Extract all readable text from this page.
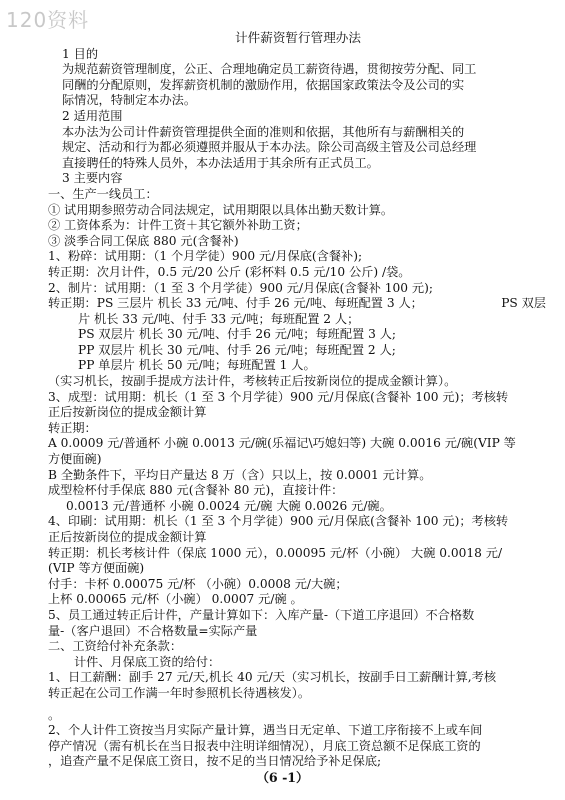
120资料
计件薪资暂行管理办法
1 目的
为规范薪资管理制度，公正、合理地确定员工薪资待遇，贯彻按劳分配、同工
同酬的分配原则，发挥薪资机制的激励作用，依据国家政策法令及公司的实
际情况，特制定本办法。
2 适用范围
本办法为公司计件薪资管理提供全面的准则和依据，其他所有与薪酬相关的
规定、活动和行为都必须遵照并服从于本办法。除公司高级主管及公司总经理
直接聘任的特殊人员外，本办法适用于其余所有正式员工。
3 主要内容
一、生产一线员工：
① 试用期参照劳动合同法规定，试用期限以具体出勤天数计算。
② 工资体系为：计件工资＋其它额外补助工资；
③ 淡季合同工保底 880 元(含餐补)
1、粉碎：试用期：（1 个月学徒）900 元/月保底(含餐补);
转正期：次月计件，0.5 元/20 公斤 (彩杯料 0.5 元/10 公斤) /袋。
2、制片：试用期：（1 至 3 个月学徒）900 元/月保底(含餐补 100 元);
转正期：PS 三层片 机长 33 元/吨、付手 26 元/吨、每班配置 3 人；	PS 双层
片 机长 33 元/吨、付手 33 元/吨；每班配置 2 人；
PS 双层片 机长 30 元/吨、付手 26 元/吨；每班配置 3 人;
PP 双层片 机长 30 元/吨、付手 26 元/吨；每班配置 2 人;
PP 单层片 机长 50 元/吨；每班配置 1 人。
（实习机长，按副手提成方法计件，考核转正后按新岗位的提成金额计算）。
3、成型：试用期：机长（1 至 3 个月学徒）900 元/月保底(含餐补 100 元)；考核转
正后按新岗位的提成金额计算
转正期：
A 0.0009 元/普通杯 小碗 0.0013 元/碗(乐福记\巧媳妇等) 大碗 0.0016 元/碗(VIP 等
方便面碗)
B 全勤条件下，平均日产量达 8 万（含）只以上，按 0.0001 元计算。
成型检杯付手保底 880 元(含餐补 80 元)，直接计件：
0.0013 元/普通杯 小碗 0.0024 元/碗 大碗 0.0026 元/碗。
4、印刷：试用期：机长（1 至 3 个月学徒）900 元/月保底(含餐补 100 元)；考核转
正后按新岗位的提成金额计算
转正期：机长考核计件（保底 1000 元），0.00095 元/杯（小碗） 大碗 0.0018 元/
(VIP 等方便面碗)
付手：卡杯 0.00075 元/杯 （小碗）0.0008 元/大碗；
上杯 0.00065 元/杯（小碗） 0.0007 元/碗 。
5、员工通过转正后计件，产量计算如下：入库产量-（下道工序退回）不合格数
量-（客户退回）不合格数量=实际产量
二、工资给付补充条款：
计件、月保底工资的给付：
1、日工薪酬：副手 27 元/天,机长 40 元/天（实习机长，按副手日工薪酬计算,考核
转正起在公司工作满一年时参照机长待遇核发）。
。
2、个人计件工资按当月实际产量计算，遇当日无定单、下道工序衔接不上或车间
停产情况（需有机长在当日报表中注明详细情况），月底工资总额不足保底工资的
，追查产量不足保底工资日，按不足的当日情况给予补足保底;
（6 -1）
